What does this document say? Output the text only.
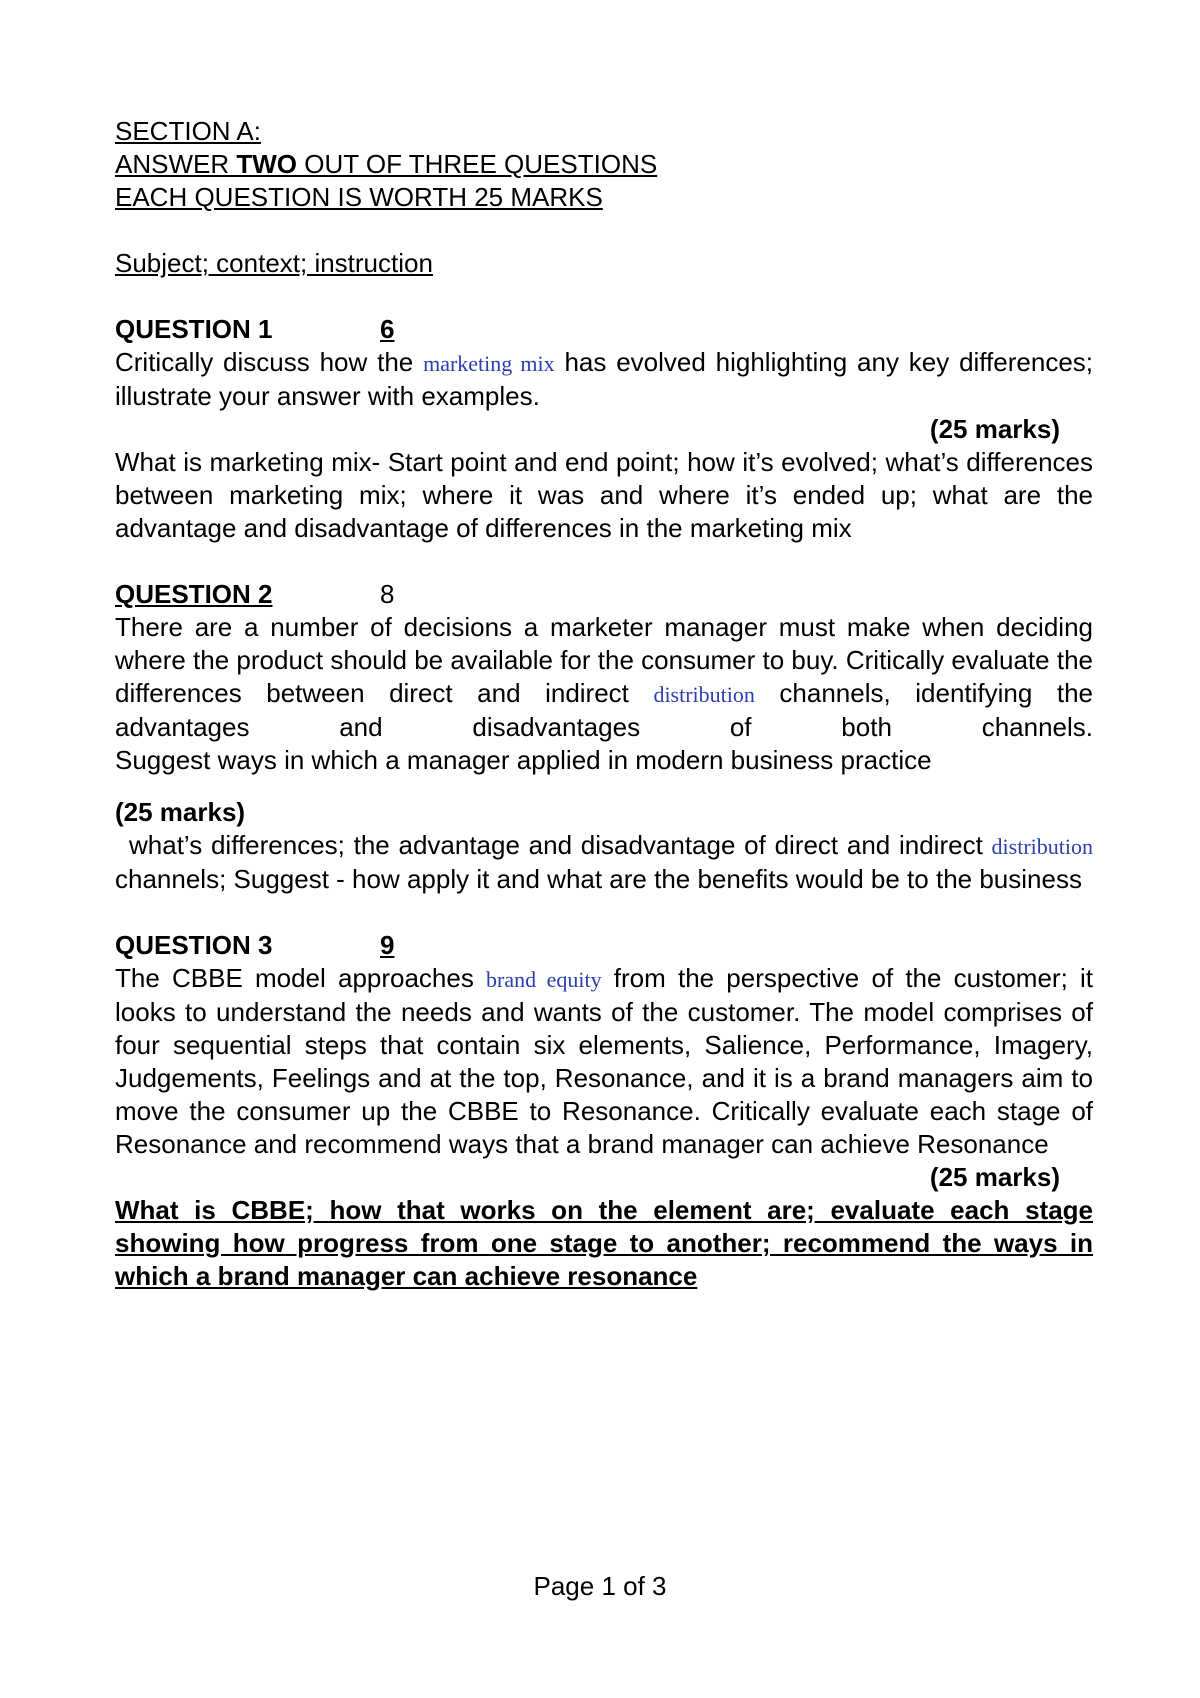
SECTION A:
ANSWER TWO OUT OF THREE QUESTIONS
EACH QUESTION IS WORTH 25 MARKS
Subject; context; instruction
QUESTION 1	6
Critically discuss how the marketing mix has evolved highlighting any key differences; illustrate your answer with examples.
(25 marks)
What is marketing mix- Start point and end point; how it’s evolved; what’s differences between marketing mix; where it was and where it’s ended up; what are the advantage and disadvantage of differences in the marketing mix
QUESTION 2	8
There are a number of decisions a marketer manager must make when deciding where the product should be available for the consumer to buy. Critically evaluate the differences between direct and indirect distribution channels, identifying the advantages and disadvantages of both channels.
Suggest ways in which a manager applied in modern business practice
(25 marks)
what’s differences; the advantage and disadvantage of direct and indirect distribution channels; Suggest - how apply it and what are the benefits would be to the business
QUESTION 3	9
The CBBE model approaches brand equity from the perspective of the customer; it looks to understand the needs and wants of the customer. The model comprises of four sequential steps that contain six elements, Salience, Performance, Imagery, Judgements, Feelings and at the top, Resonance, and it is a brand managers aim to move the consumer up the CBBE to Resonance. Critically evaluate each stage of Resonance and recommend ways that a brand manager can achieve Resonance
(25 marks)
What is CBBE; how that works on the element are; evaluate each stage showing how progress from one stage to another; recommend the ways in which a brand manager can achieve resonance
Page 1 of 3
